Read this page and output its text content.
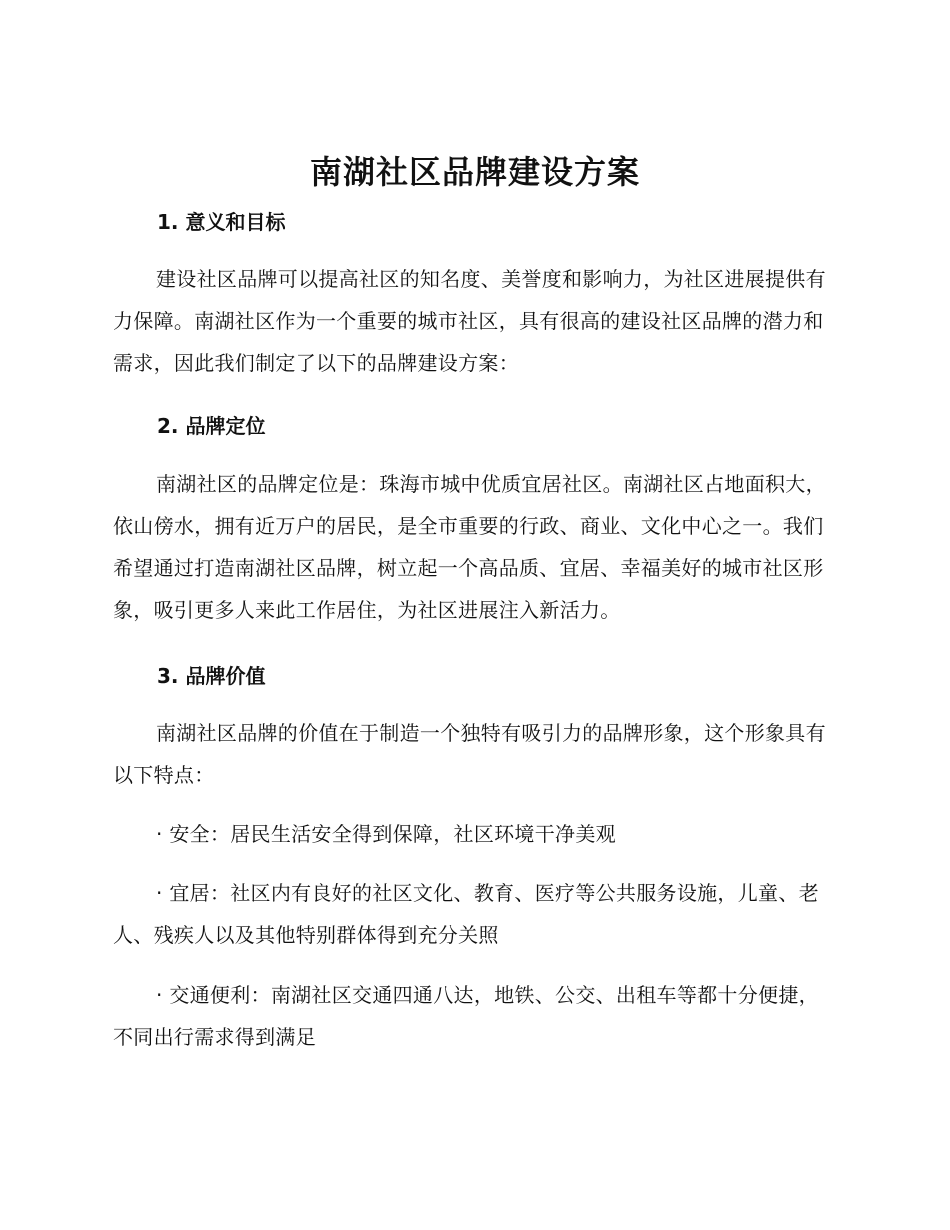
南湖社区品牌建设方案
1. 意义和目标

建设社区品牌可以提高社区的知名度、美誉度和影响力，为社区进展提供有力保障。南湖社区作为一个重要的城市社区，具有很高的建设社区品牌的潜力和需求，因此我们制定了以下的品牌建设方案：

2. 品牌定位

南湖社区的品牌定位是：珠海市城中优质宜居社区。南湖社区占地面积大，依山傍水，拥有近万户的居民，是全市重要的行政、商业、文化中心之一。我们希望通过打造南湖社区品牌，树立起一个高品质、宜居、幸福美好的城市社区形象，吸引更多人来此工作居住，为社区进展注入新活力。

3. 品牌价值

南湖社区品牌的价值在于制造一个独特有吸引力的品牌形象，这个形象具有以下特点：

· 安全：居民生活安全得到保障，社区环境干净美观

· 宜居：社区内有良好的社区文化、教育、医疗等公共服务设施，儿童、老人、残疾人以及其他特别群体得到充分关照

· 交通便利：南湖社区交通四通八达，地铁、公交、出租车等都十分便捷，不同出行需求得到满足
